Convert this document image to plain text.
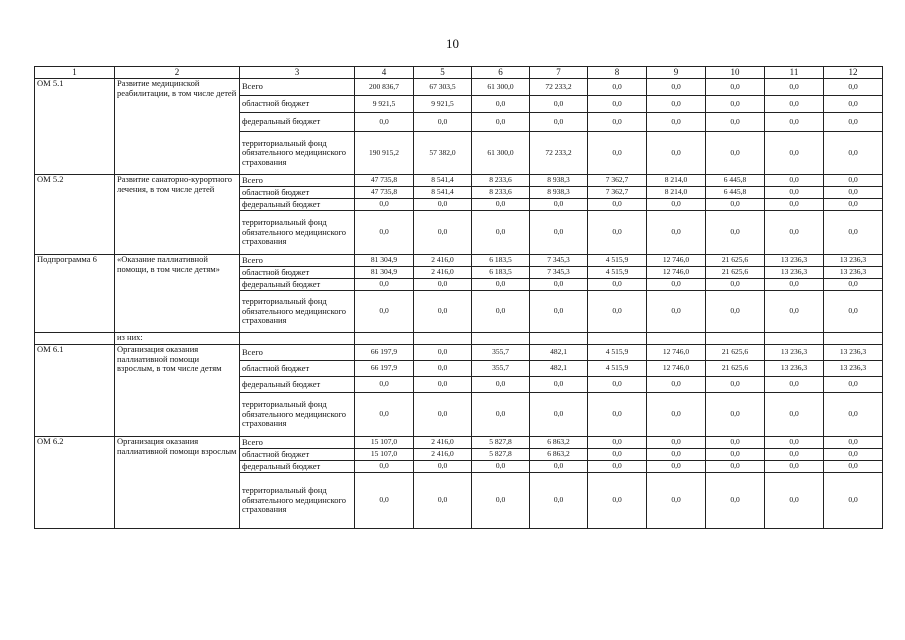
10
1	2	3	4	5	6	7	8	9	10	11	12
ОМ 5.1	Развитие медицинской реабилитации, в том числе детей	Всего	200 836,7	67 303,5	61 300,0	72 233,2	0,0	0,0	0,0	0,0	0,0
		областной бюджет	9 921,5	9 921,5	0,0	0,0	0,0	0,0	0,0	0,0	0,0
		федеральный бюджет	0,0	0,0	0,0	0,0	0,0	0,0	0,0	0,0	0,0
		территориальный фонд обязательного медицинского страхования	190 915,2	57 382,0	61 300,0	72 233,2	0,0	0,0	0,0	0,0	0,0
ОМ 5.2	Развитие санаторно-курортного лечения, в том числе детей	Всего	47 735,8	8 541,4	8 233,6	8 938,3	7 362,7	8 214,0	6 445,8	0,0	0,0
		областной бюджет	47 735,8	8 541,4	8 233,6	8 938,3	7 362,7	8 214,0	6 445,8	0,0	0,0
		федеральный бюджет	0,0	0,0	0,0	0,0	0,0	0,0	0,0	0,0	0,0
		территориальный фонд обязательного медицинского страхования	0,0	0,0	0,0	0,0	0,0	0,0	0,0	0,0	0,0
Подпрограмма 6	«Оказание паллиативной помощи, в том числе детям»	Всего	81 304,9	2 416,0	6 183,5	7 345,3	4 515,9	12 746,0	21 625,6	13 236,3	13 236,3
		областной бюджет	81 304,9	2 416,0	6 183,5	7 345,3	4 515,9	12 746,0	21 625,6	13 236,3	13 236,3
		федеральный бюджет	0,0	0,0	0,0	0,0	0,0	0,0	0,0	0,0	0,0
		территориальный фонд обязательного медицинского страхования	0,0	0,0	0,0	0,0	0,0	0,0	0,0	0,0	0,0
	из них:										
ОМ 6.1	Организация оказания паллиативной помощи взрослым, в том числе детям	Всего	66 197,9	0,0	355,7	482,1	4 515,9	12 746,0	21 625,6	13 236,3	13 236,3
		областной бюджет	66 197,9	0,0	355,7	482,1	4 515,9	12 746,0	21 625,6	13 236,3	13 236,3
		федеральный бюджет	0,0	0,0	0,0	0,0	0,0	0,0	0,0	0,0	0,0
		территориальный фонд обязательного медицинского страхования	0,0	0,0	0,0	0,0	0,0	0,0	0,0	0,0	0,0
ОМ 6.2	Организация оказания паллиативной помощи взрослым	Всего	15 107,0	2 416,0	5 827,8	6 863,2	0,0	0,0	0,0	0,0	0,0
		областной бюджет	15 107,0	2 416,0	5 827,8	6 863,2	0,0	0,0	0,0	0,0	0,0
		федеральный бюджет	0,0	0,0	0,0	0,0	0,0	0,0	0,0	0,0	0,0
		территориальный фонд обязательного медицинского страхования	0,0	0,0	0,0	0,0	0,0	0,0	0,0	0,0	0,0
